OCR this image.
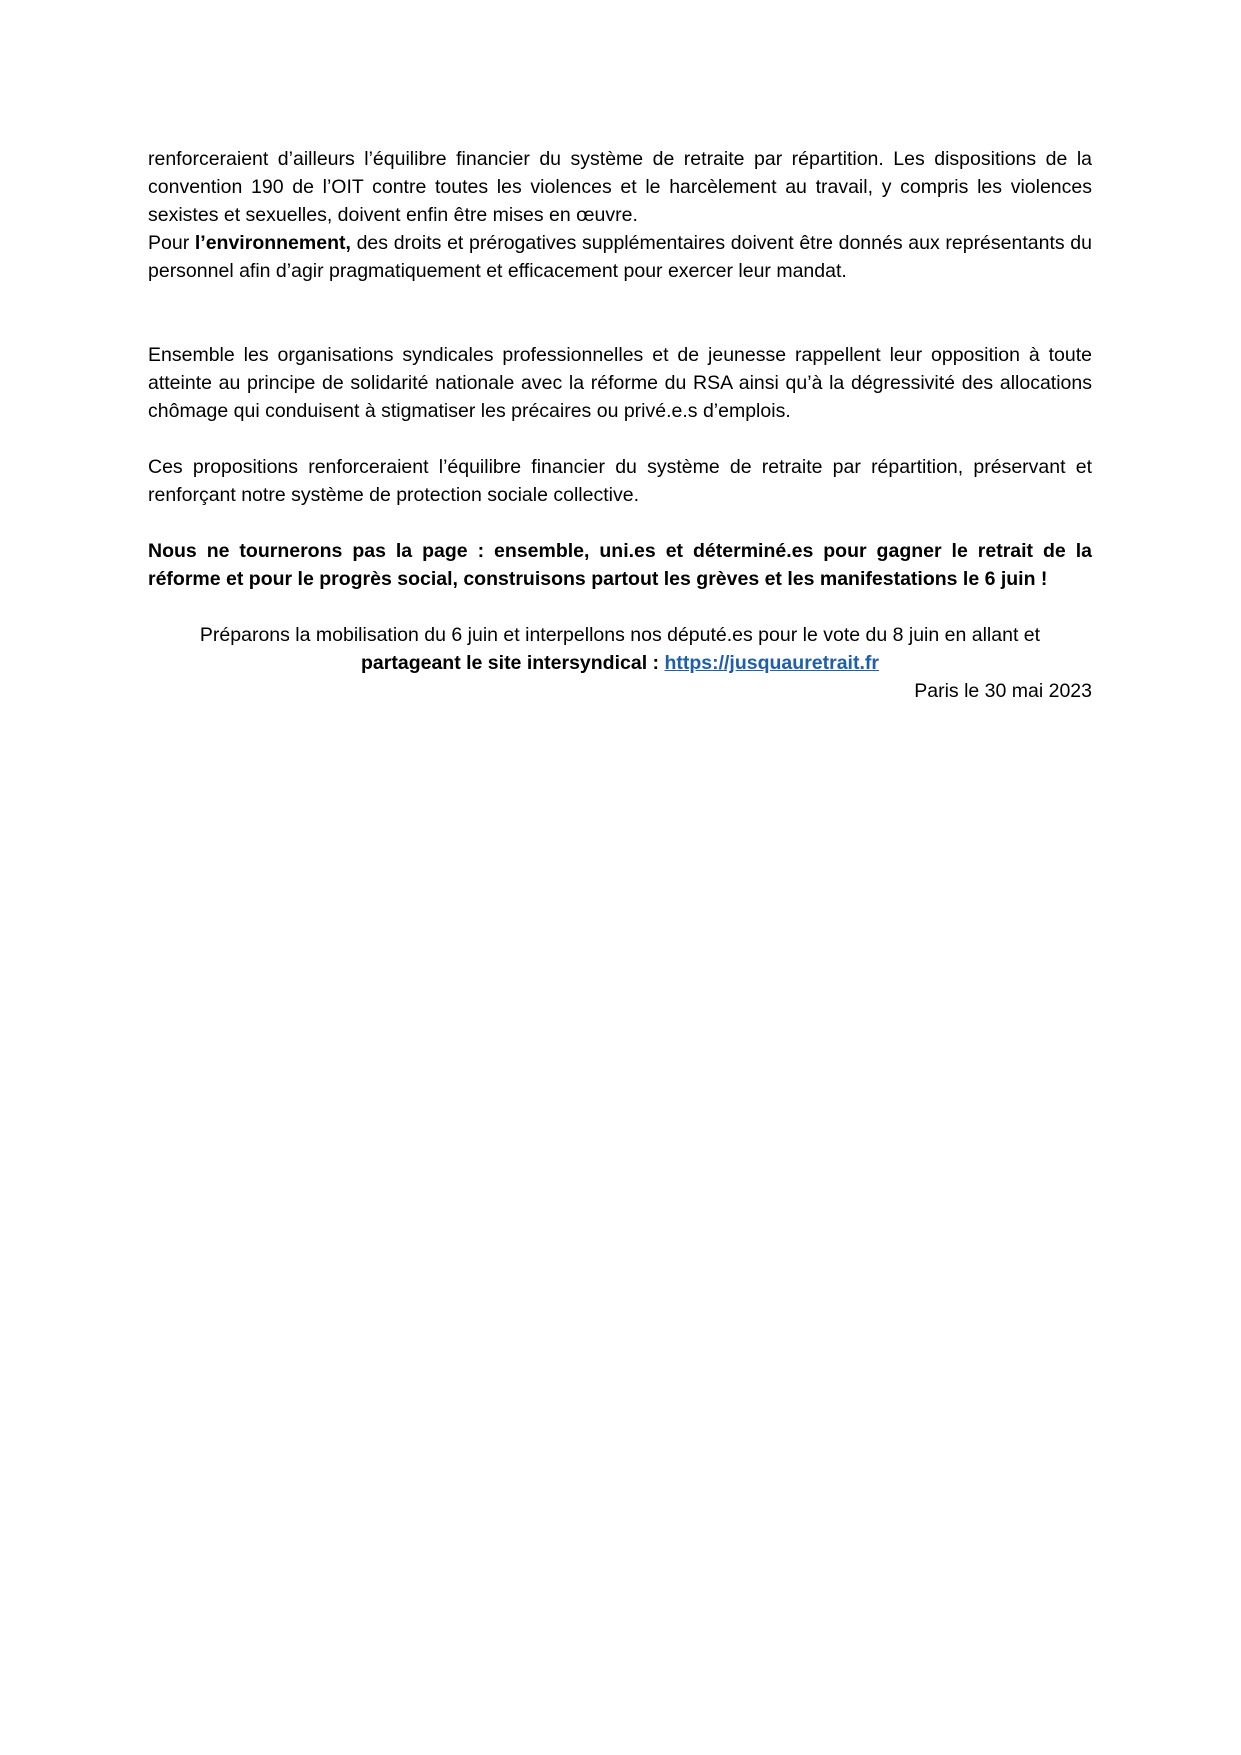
renforceraient d’ailleurs l’équilibre financier du système de retraite par répartition. Les dispositions de la convention 190 de l’OIT contre toutes les violences et le harcèlement au travail, y compris les violences sexistes et sexuelles, doivent enfin être mises en œuvre.

Pour l’environnement, des droits et prérogatives supplémentaires doivent être donnés aux représentants du personnel afin d’agir pragmatiquement et efficacement pour exercer leur mandat.

Ensemble les organisations syndicales professionnelles et de jeunesse rappellent leur opposition à toute atteinte au principe de solidarité nationale avec la réforme du RSA ainsi qu’à la dégressivité des allocations chômage qui conduisent à stigmatiser les précaires ou privé.e.s d’emplois.

Ces propositions renforceraient l’équilibre financier du système de retraite par répartition, préservant et renforçant notre système de protection sociale collective.

Nous ne tournerons pas la page : ensemble, uni.es et déterminé.es pour gagner le retrait de la réforme et pour le progrès social, construisons partout les grèves et les manifestations le 6 juin !

Préparons la mobilisation du 6 juin et interpellons nos député.es pour le vote du 8 juin en allant et

partageant le site intersyndical : https://jusquauretrait.fr

Paris le 30 mai 2023
